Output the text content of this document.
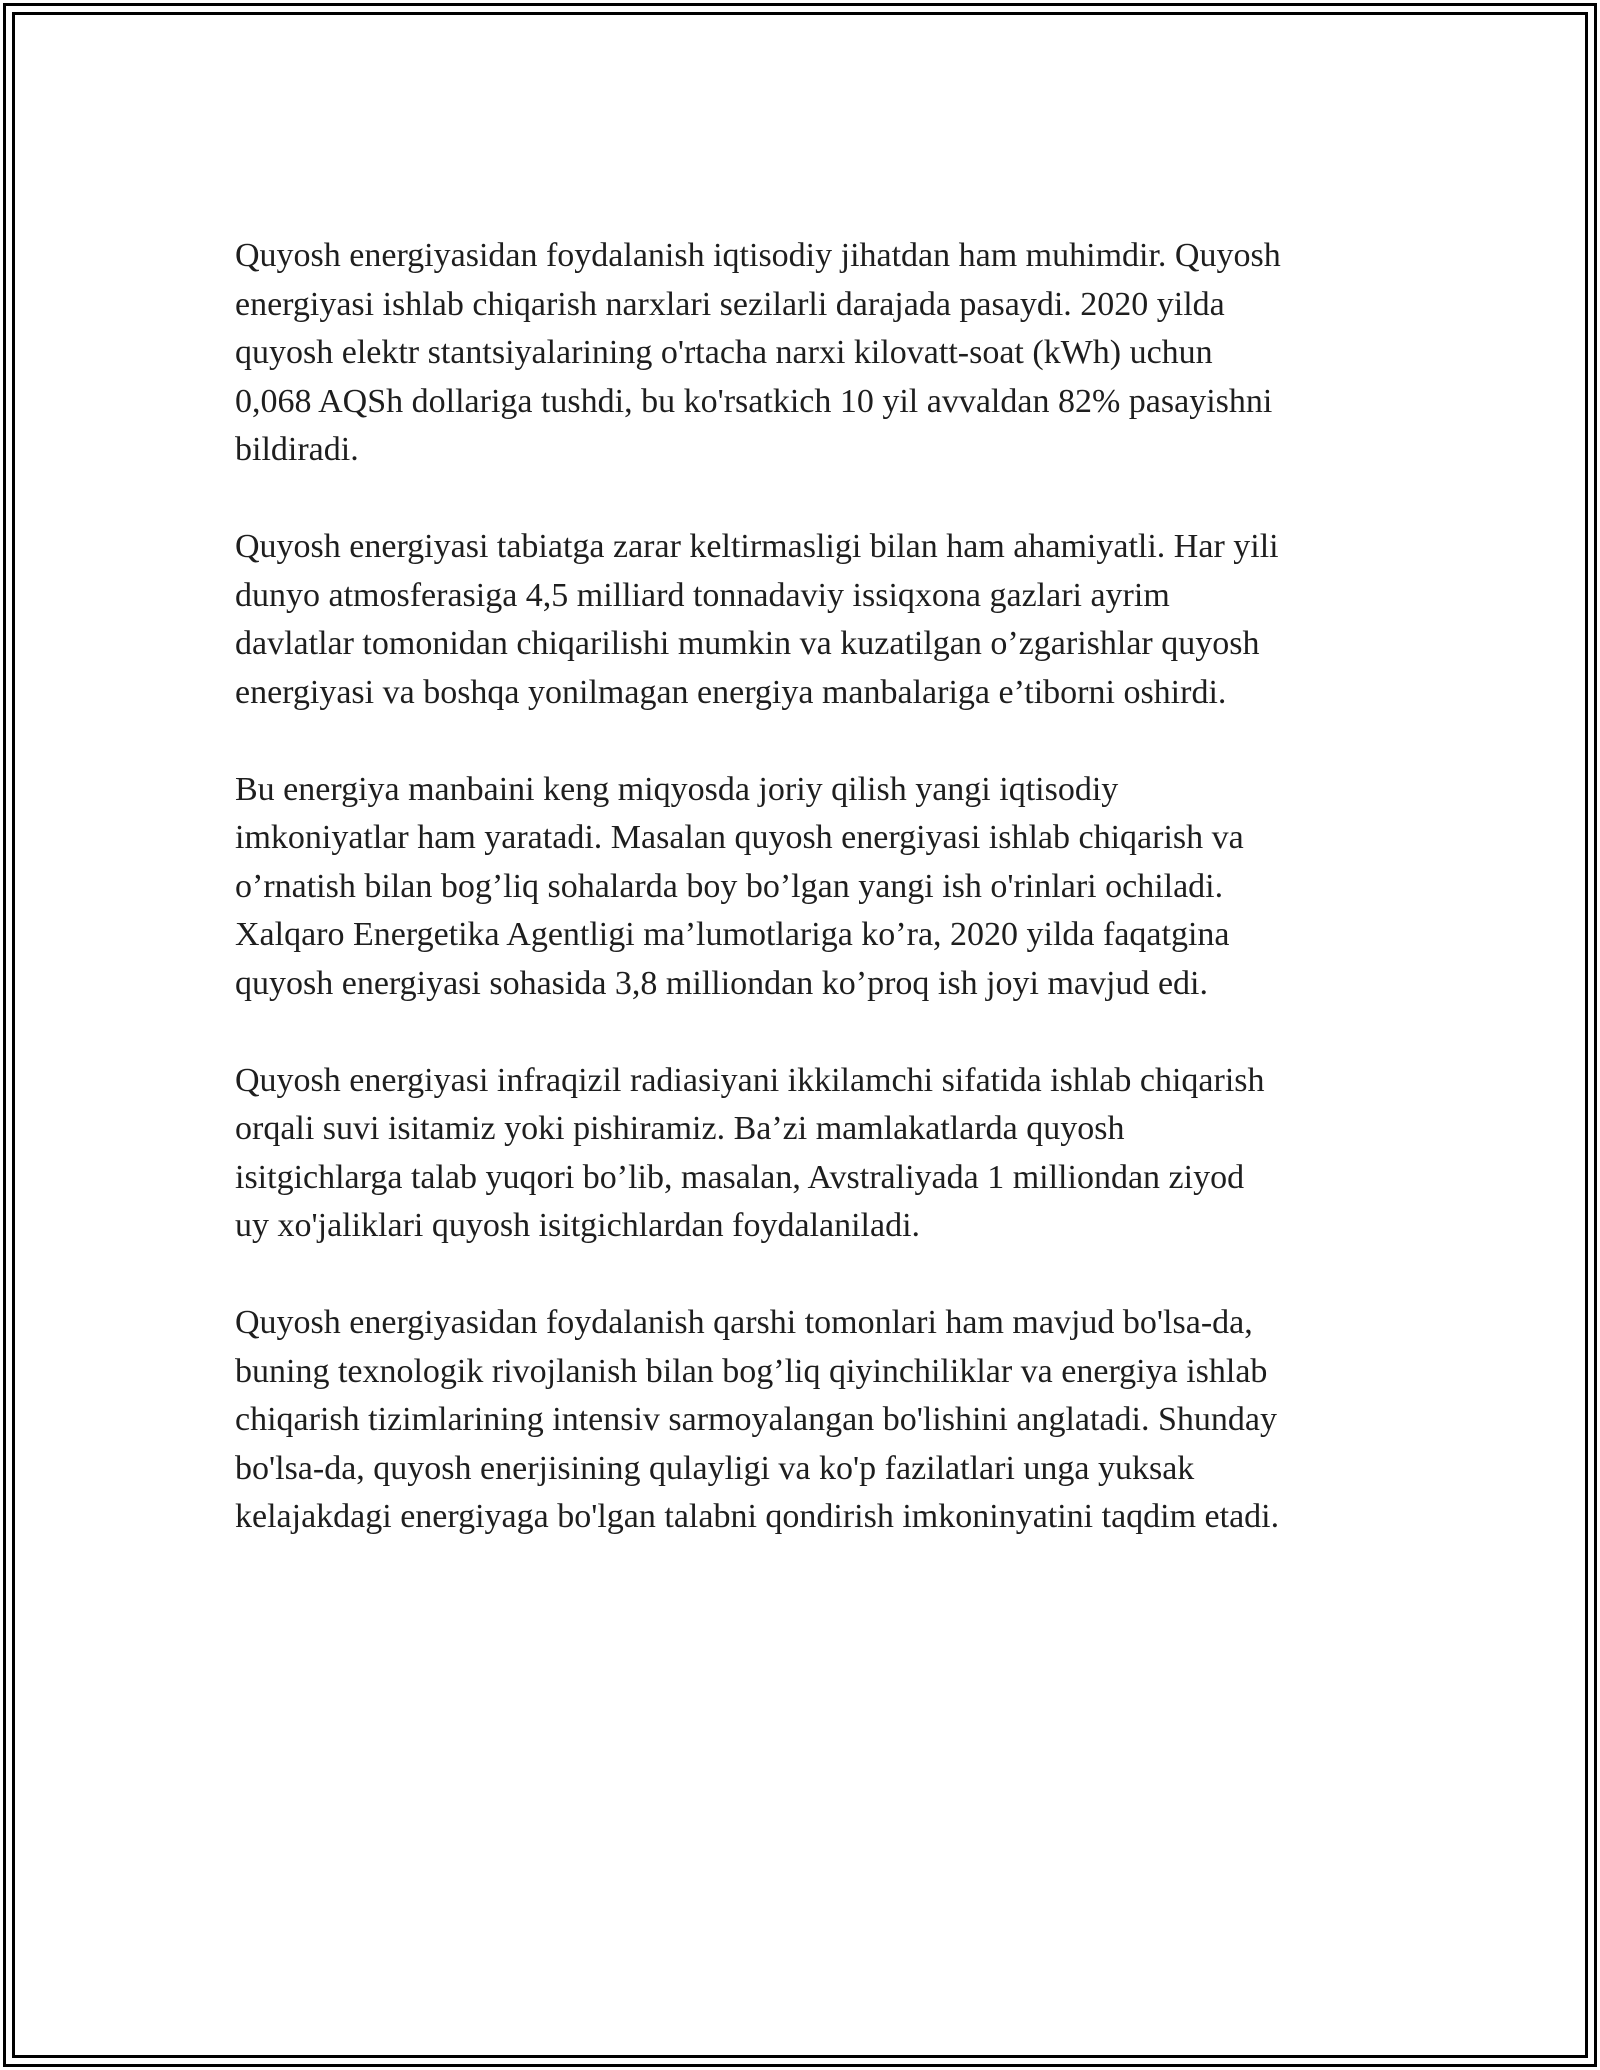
Quyosh energiyasidan foydalanish iqtisodiy jihatdan ham muhimdir. Quyosh
energiyasi ishlab chiqarish narxlari sezilarli darajada pasaydi. 2020 yilda
quyosh elektr stantsiyalarining o'rtacha narxi kilovatt-soat (kWh) uchun
0,068 AQSh dollariga tushdi, bu ko'rsatkich 10 yil avvaldan 82% pasayishni
bildiradi.

Quyosh energiyasi tabiatga zarar keltirmasligi bilan ham ahamiyatli. Har yili
dunyo atmosferasiga 4,5 milliard tonnadaviy issiqxona gazlari ayrim
davlatlar tomonidan chiqarilishi mumkin va kuzatilgan o’zgarishlar quyosh
energiyasi va boshqa yonilmagan energiya manbalariga e’tiborni oshirdi.

Bu energiya manbaini keng miqyosda joriy qilish yangi iqtisodiy
imkoniyatlar ham yaratadi. Masalan quyosh energiyasi ishlab chiqarish va
o’rnatish bilan bog’liq sohalarda boy bo’lgan yangi ish o'rinlari ochiladi.
Xalqaro Energetika Agentligi ma’lumotlariga ko’ra, 2020 yilda faqatgina
quyosh energiyasi sohasida 3,8 milliondan ko’proq ish joyi mavjud edi.

Quyosh energiyasi infraqizil radiasiyani ikkilamchi sifatida ishlab chiqarish
orqali suvi isitamiz yoki pishiramiz. Ba’zi mamlakatlarda quyosh
isitgichlarga talab yuqori bo’lib, masalan, Avstraliyada 1 milliondan ziyod
uy xo'jaliklari quyosh isitgichlardan foydalaniladi.

Quyosh energiyasidan foydalanish qarshi tomonlari ham mavjud bo'lsa-da,
buning texnologik rivojlanish bilan bog’liq qiyinchiliklar va energiya ishlab
chiqarish tizimlarining intensiv sarmoyalangan bo'lishini anglatadi. Shunday
bo'lsa-da, quyosh enerjisining qulayligi va ko'p fazilatlari unga yuksak
kelajakdagi energiyaga bo'lgan talabni qondirish imkoninyatini taqdim etadi.
